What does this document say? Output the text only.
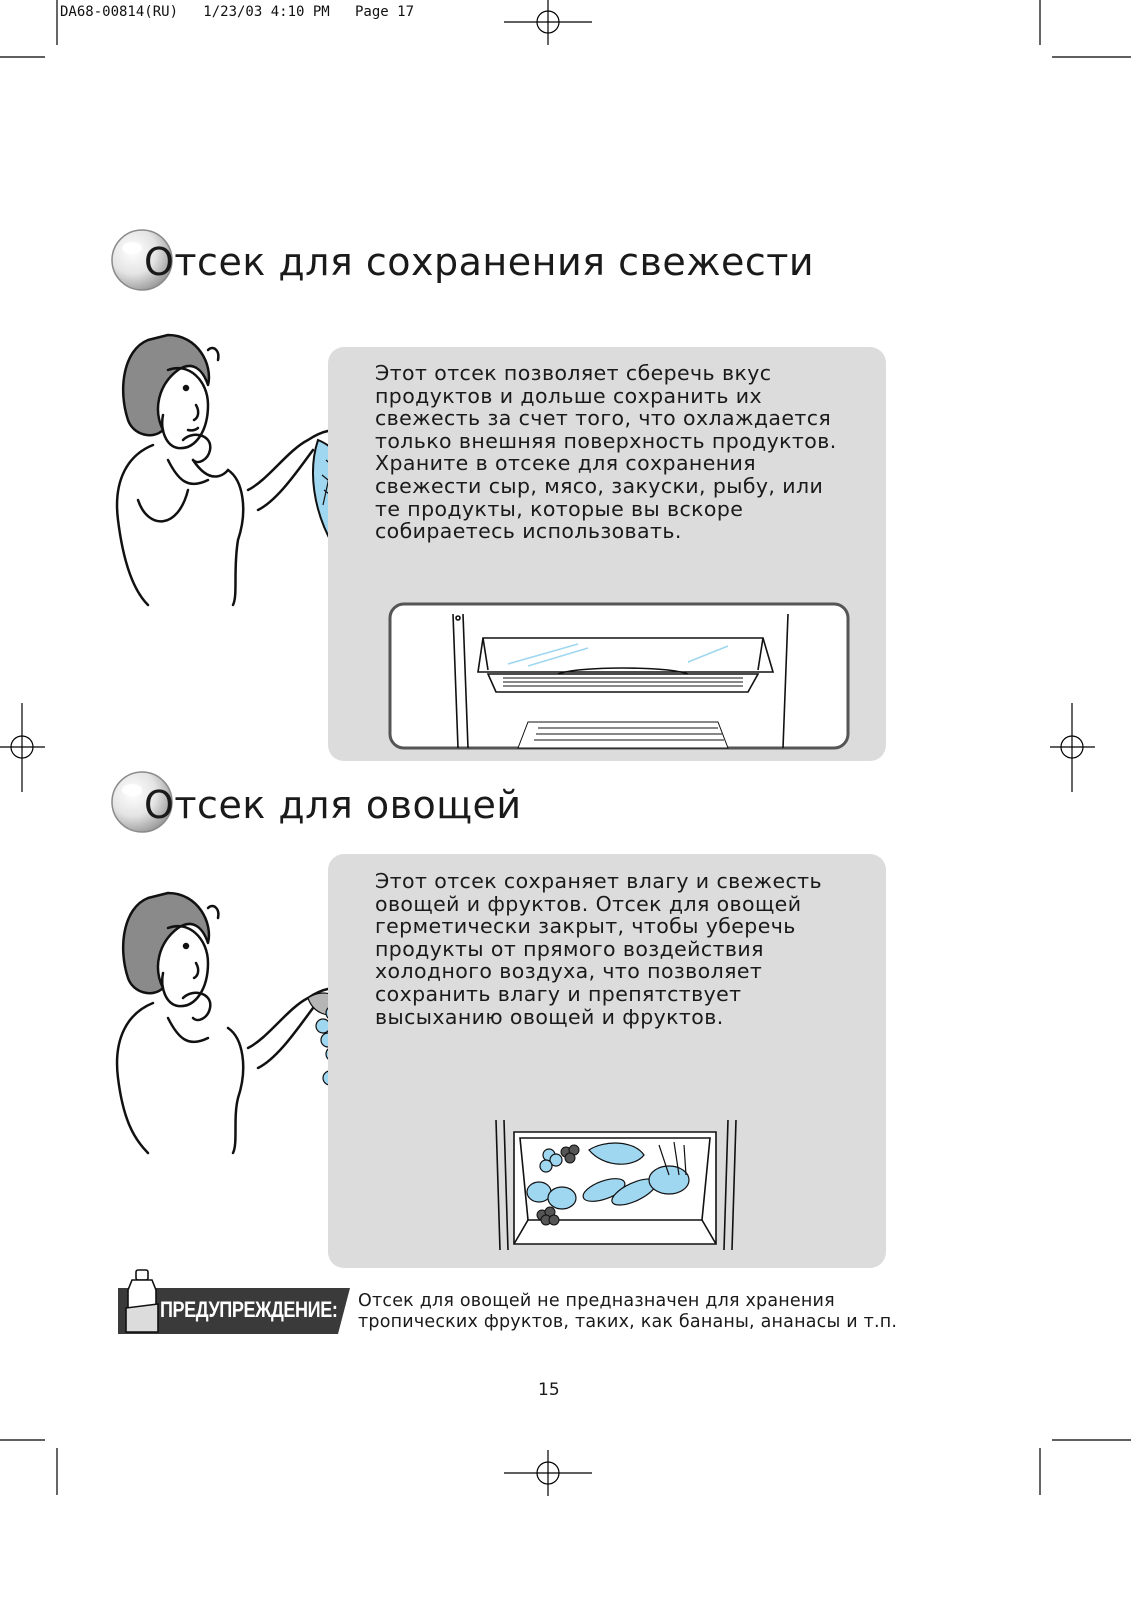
DA68-00814(RU)   1/23/03 4:10 PM   Page 17
Отсек для сохранения свежести
Этот отсек позволяет сберечь вкус
продуктов и дольше сохранить их
свежесть за счет того, что охлаждается
только внешняя поверхность продуктов.
Храните в отсеке для сохранения
свежести сыр, мясо, закуски, рыбу, или
те продукты, которые вы вскоре
собираетесь использовать.
Отсек для овощей
Этот отсек сохраняет влагу и свежесть
овощей и фруктов. Отсек для овощей
герметически закрыт, чтобы уберечь
продукты от прямого воздействия
холодного воздуха, что позволяет
сохранить влагу и препятствует
высыханию овощей и фруктов.
ПРЕДУПРЕЖДЕНИЕ: Отсек для овощей не предназначен для хранения
тропических фруктов, таких, как бананы, ананасы и т.п.
15
